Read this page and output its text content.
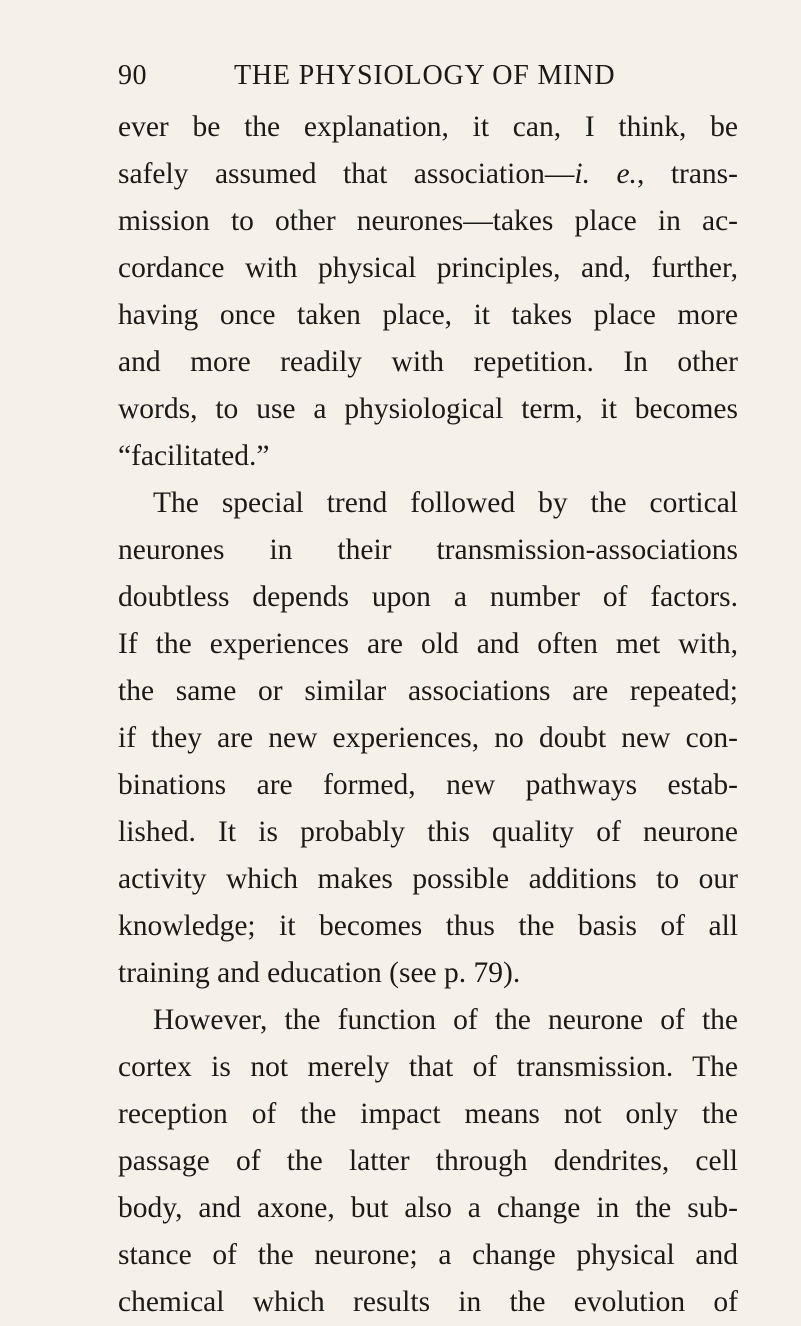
90	THE PHYSIOLOGY OF MIND
ever be the explanation, it can, I think, be
safely assumed that association—i. e., trans-
mission to other neurones—takes place in ac-
cordance with physical principles, and, further,
having once taken place, it takes place more
and more readily with repetition. In other
words, to use a physiological term, it becomes
“facilitated.”
The special trend followed by the cortical
neurones in their transmission-associations
doubtless depends upon a number of factors.
If the experiences are old and often met with,
the same or similar associations are repeated;
if they are new experiences, no doubt new con-
binations are formed, new pathways estab-
lished. It is probably this quality of neurone
activity which makes possible additions to our
knowledge; it becomes thus the basis of all
training and education (see p. 79).
However, the function of the neurone of the
cortex is not merely that of transmission. The
reception of the impact means not only the
passage of the latter through dendrites, cell
body, and axone, but also a change in the sub-
stance of the neurone; a change physical and
chemical which results in the evolution of
